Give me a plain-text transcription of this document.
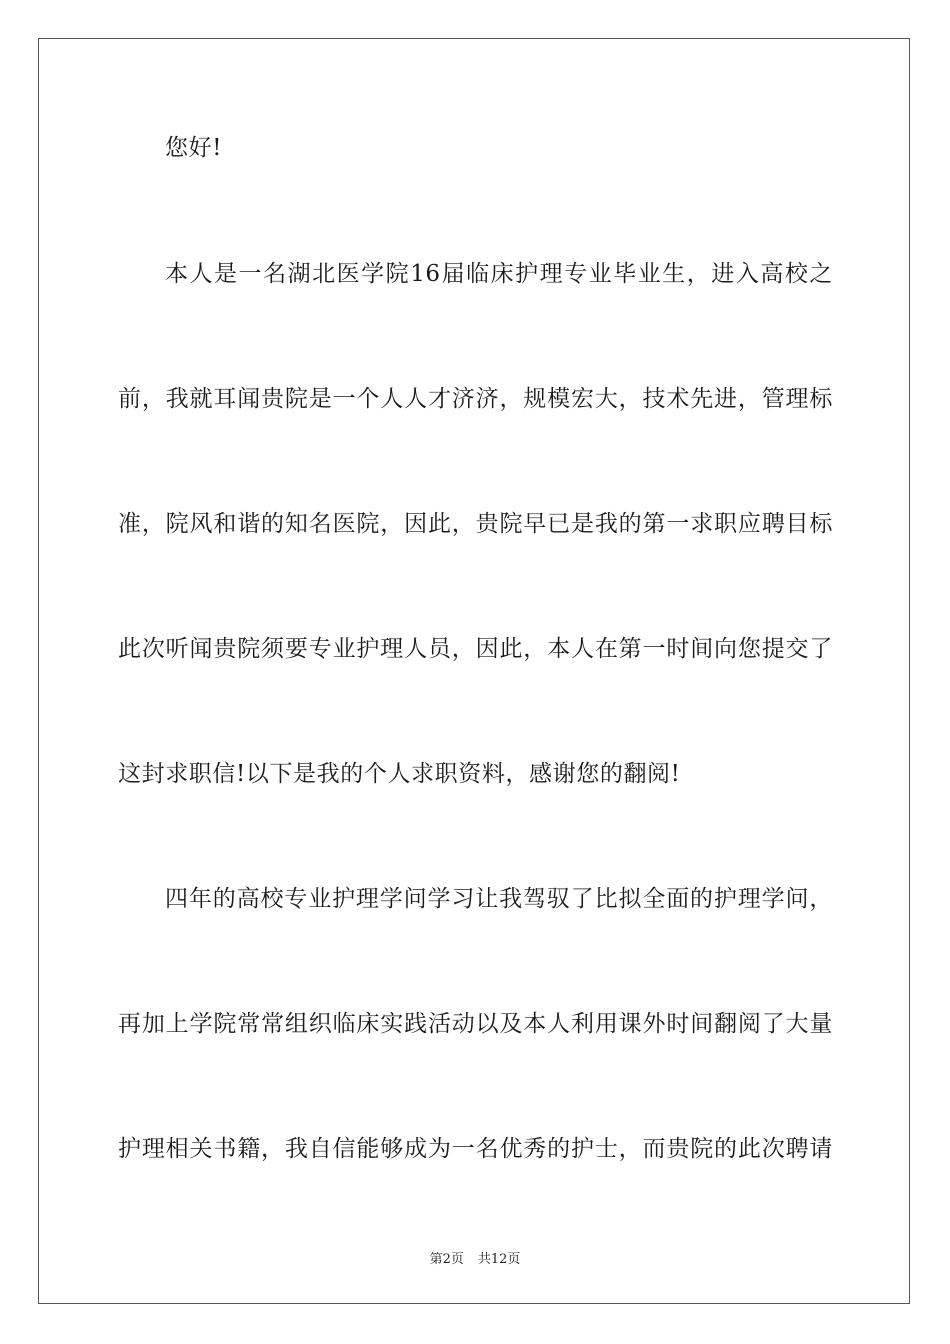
您好!
本人是一名湖北医学院16届临床护理专业毕业生，进入高校之
前，我就耳闻贵院是一个人人才济济，规模宏大，技术先进，管理标
准，院风和谐的知名医院，因此，贵院早已是我的第一求职应聘目标
此次听闻贵院须要专业护理人员，因此，本人在第一时间向您提交了
这封求职信!以下是我的个人求职资料，感谢您的翻阅!
四年的高校专业护理学问学习让我驾驭了比拟全面的护理学问，
再加上学院常常组织临床实践活动以及本人利用课外时间翻阅了大量
护理相关书籍，我自信能够成为一名优秀的护士，而贵院的此次聘请
第2页 共12页
